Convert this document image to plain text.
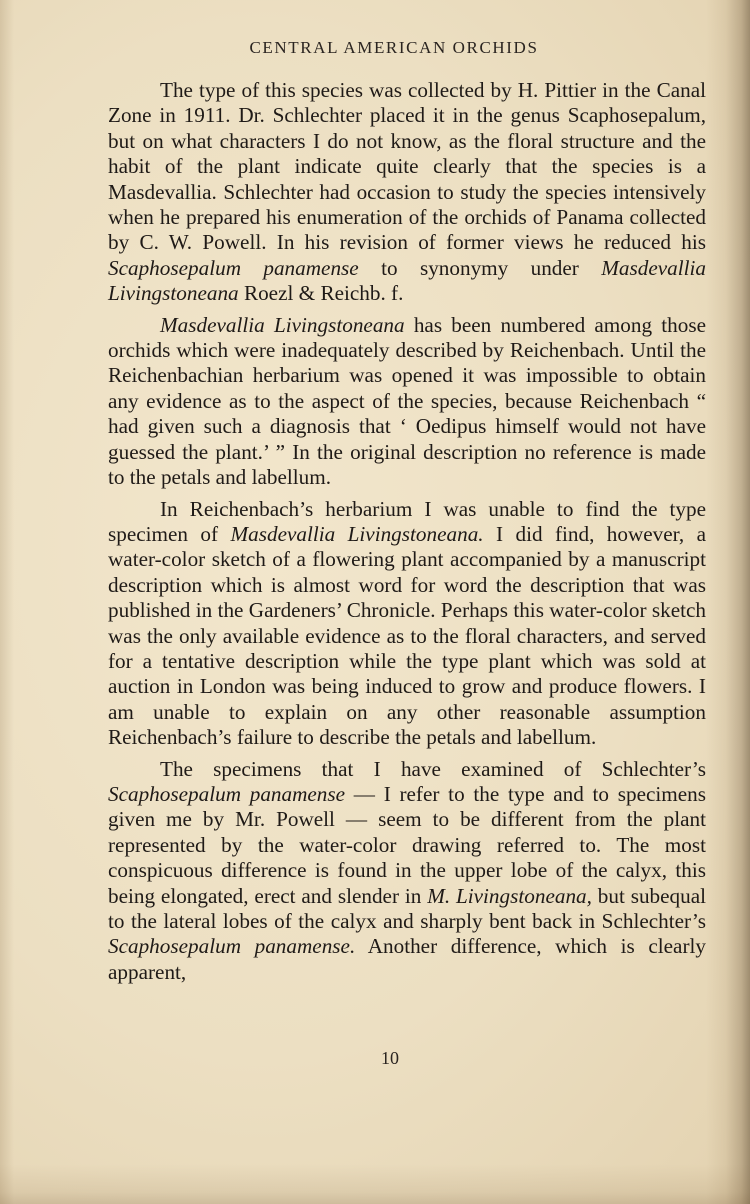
CENTRAL AMERICAN ORCHIDS

The type of this species was collected by H. Pittier in the Canal Zone in 1911. Dr. Schlechter placed it in the genus Scaphosepalum, but on what characters I do not know, as the floral structure and the habit of the plant indicate quite clearly that the species is a Masdevallia. Schlechter had occasion to study the species intensively when he prepared his enumeration of the orchids of Panama collected by C. W. Powell. In his revision of former views he reduced his Scaphosepalum panamense to synonymy under Masdevallia Livingstoneana Roezl & Reichb. f.

Masdevallia Livingstoneana has been numbered among those orchids which were inadequately described by Reichenbach. Until the Reichenbachian herbarium was opened it was impossible to obtain any evidence as to the aspect of the species, because Reichenbach “ had given such a diagnosis that ‘ Oedipus himself would not have guessed the plant.’ ” In the original description no reference is made to the petals and labellum.

In Reichenbach’s herbarium I was unable to find the type specimen of Masdevallia Livingstoneana. I did find, however, a water-color sketch of a flowering plant accompanied by a manuscript description which is almost word for word the description that was published in the Gardeners’ Chronicle. Perhaps this water-color sketch was the only available evidence as to the floral characters, and served for a tentative description while the type plant which was sold at auction in London was being induced to grow and produce flowers. I am unable to explain on any other reasonable assumption Reichenbach’s failure to describe the petals and labellum.

The specimens that I have examined of Schlechter’s Scaphosepalum panamense — I refer to the type and to specimens given me by Mr. Powell — seem to be different from the plant represented by the water-color drawing referred to. The most conspicuous difference is found in the upper lobe of the calyx, this being elongated, erect and slender in M. Livingstoneana, but subequal to the lateral lobes of the calyx and sharply bent back in Schlechter’s Scaphosepalum panamense. Another difference, which is clearly apparent,

10
